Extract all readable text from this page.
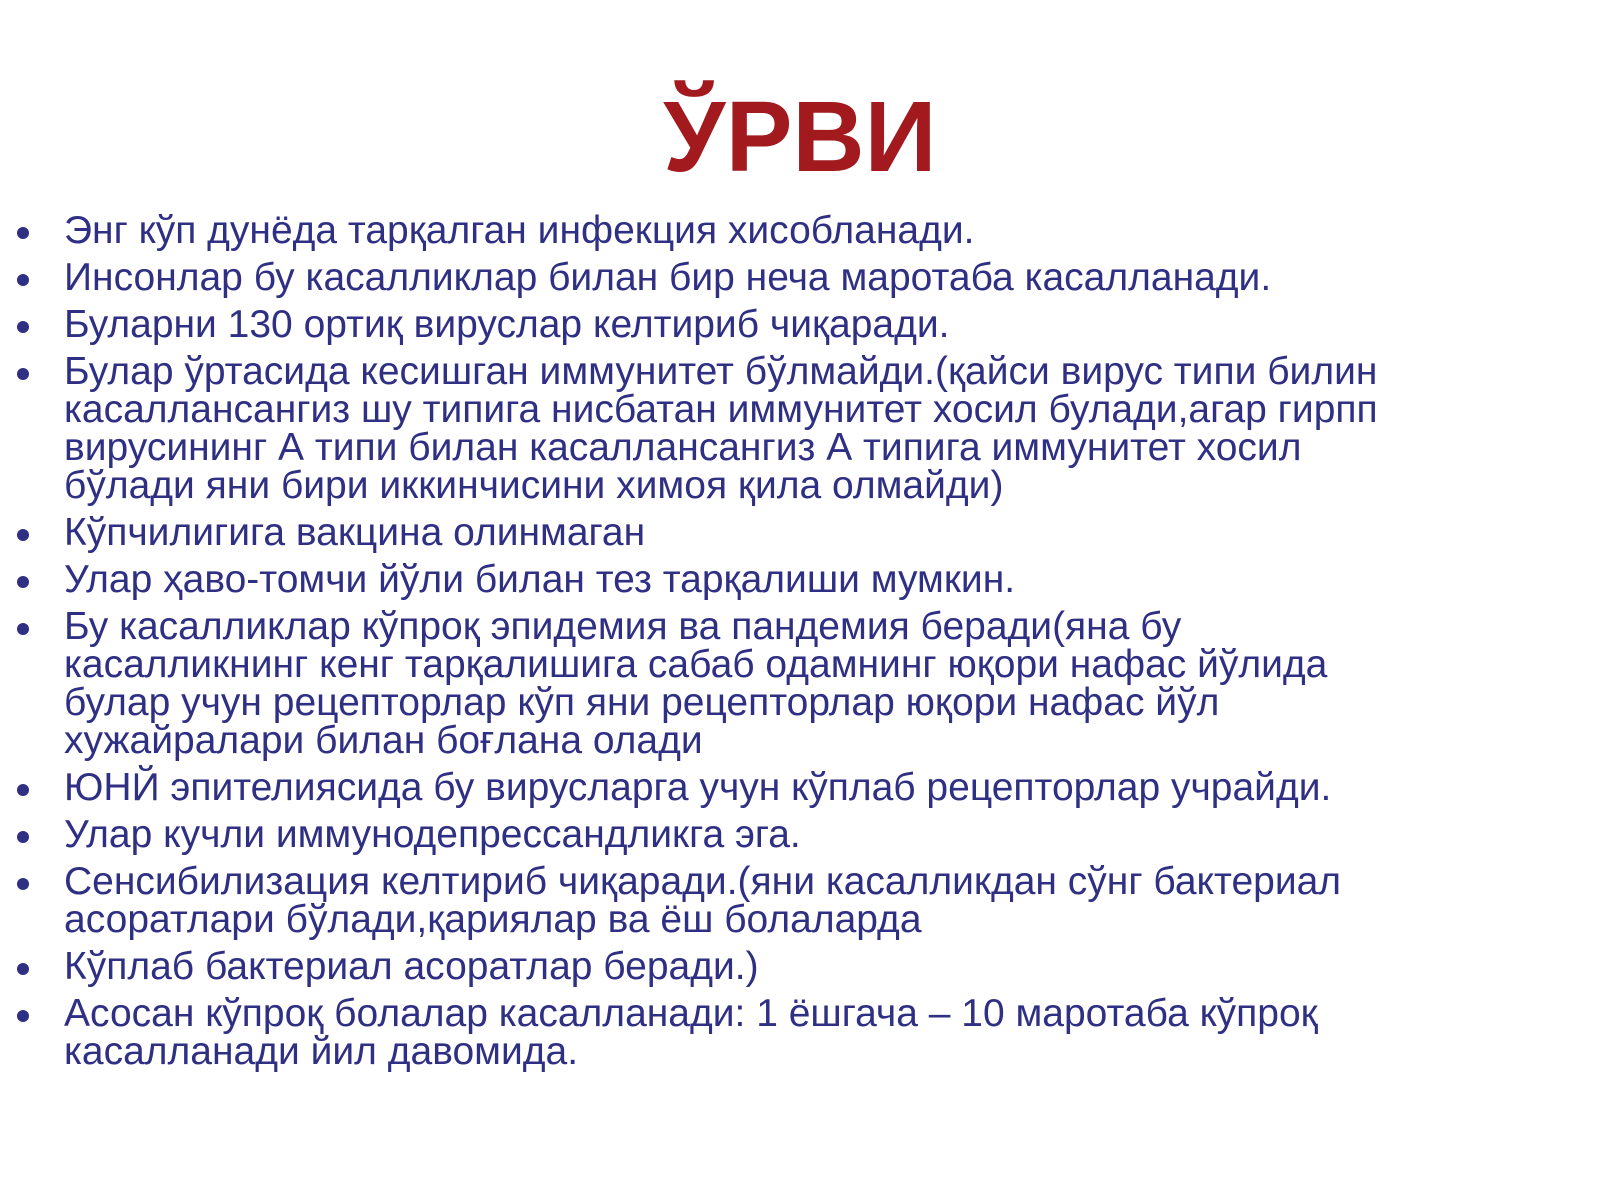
ЎРВИ
Энг кўп дунёда тарқалган инфекция хисобланади.
Инсонлар бу касалликлар билан бир неча маротаба касалланади.
Буларни 130 ортиқ вируслар келтириб чиқаради.
Булар ўртасида кесишган иммунитет бўлмайди.(қайси вирус типи билин
касаллансангиз шу типига нисбатан иммунитет хосил булади,агар гирпп
вирусининг А типи билан касаллансангиз А типига иммунитет хосил
бўлади яни бири иккинчисини химоя қила олмайди)
Кўпчилигига вакцина олинмаган
Улар ҳаво-томчи йўли билан тез тарқалиши мумкин.
Бу касалликлар кўпроқ эпидемия ва пандемия беради(яна бу
касалликнинг кенг тарқалишига сабаб одамнинг юқори нафас йўлида
булар учун рецепторлар кўп яни рецепторлар юқори нафас йўл
хужайралари билан боғлана олади
ЮНЙ эпителиясида бу вирусларга учун кўплаб рецепторлар учрайди.
Улар кучли иммунодепрессандликга эга.
Сенсибилизация келтириб чиқаради.(яни касалликдан сўнг бактериал
асоратлари бўлади,қариялар ва ёш болаларда
Кўплаб бактериал асоратлар беради.)
Асосан кўпроқ болалар касалланади: 1 ёшгача – 10 маротаба кўпроқ
касалланади йил давомида.
